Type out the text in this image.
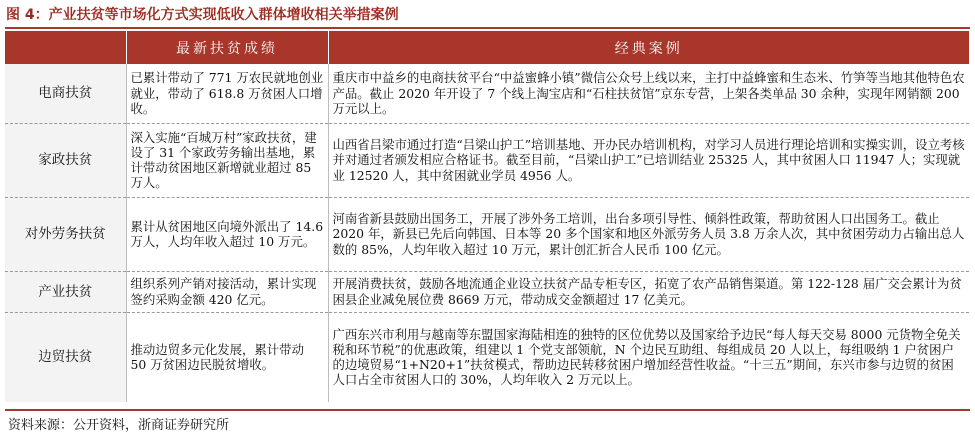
图 4：产业扶贫等市场化方式实现低收入群体增收相关举措案例
	最新扶贫成绩	经典案例
电商扶贫	已累计带动了 771 万农民就地创业就业，带动了 618.8 万贫困人口增收。	重庆市中益乡的电商扶贫平台“中益蜜蜂小镇”微信公众号上线以来，主打中益蜂蜜和生态米、竹笋等当地其他特色农产品。截止 2020 年开设了 7 个线上淘宝店和“石柱扶贫馆”京东专营，上架各类单品 30 余种，实现年网销额 200 万元以上。
家政扶贫	深入实施“百城万村”家政扶贫，建设了 31 个家政劳务输出基地，累计带动贫困地区新增就业超过 85 万人。	山西省吕梁市通过打造“吕梁山护工”培训基地、开办民办培训机构，对学习人员进行理论培训和实操实训，设立考核并对通过者颁发相应合格证书。截至目前，“吕梁山护工”已培训结业 25325 人，其中贫困人口 11947 人；实现就业 12520 人，其中贫困就业学员 4956 人。
对外劳务扶贫	累计从贫困地区向境外派出了 14.6 万人，人均年收入超过 10 万元。	河南省新县鼓励出国务工，开展了涉外务工培训，出台多项引导性、倾斜性政策，帮助贫困人口出国务工。截止 2020 年，新县已先后向韩国、日本等 20 多个国家和地区外派劳务人员 3.8 万余人次，其中贫困劳动力占输出总人数的 85%，人均年收入超过 10 万元，累计创汇折合人民币 100 亿元。
产业扶贫	组织系列产销对接活动，累计实现签约采购金额 420 亿元。	开展消费扶贫，鼓励各地流通企业设立扶贫产品专柜专区，拓宽了农产品销售渠道。第 122-128 届广交会累计为贫困县企业减免展位费 8669 万元，带动成交金额超过 17 亿美元。
边贸扶贫	推动边贸多元化发展，累计带动 50 万贫困边民脱贫增收。	广西东兴市利用与越南等东盟国家海陆相连的独特的区位优势以及国家给予边民“每人每天交易 8000 元货物全免关税和环节税”的优惠政策，组建以 1 个党支部领航，N 个边民互助组、每组成员 20 人以上，每组吸纳 1 户贫困户的边境贸易“1+N20+1”扶贫模式，帮助边民转移贫困户增加经营性收益。“十三五”期间，东兴市参与边贸的贫困人口占全市贫困人口的 30%，人均年收入 2 万元以上。
资料来源：公开资料，浙商证券研究所
